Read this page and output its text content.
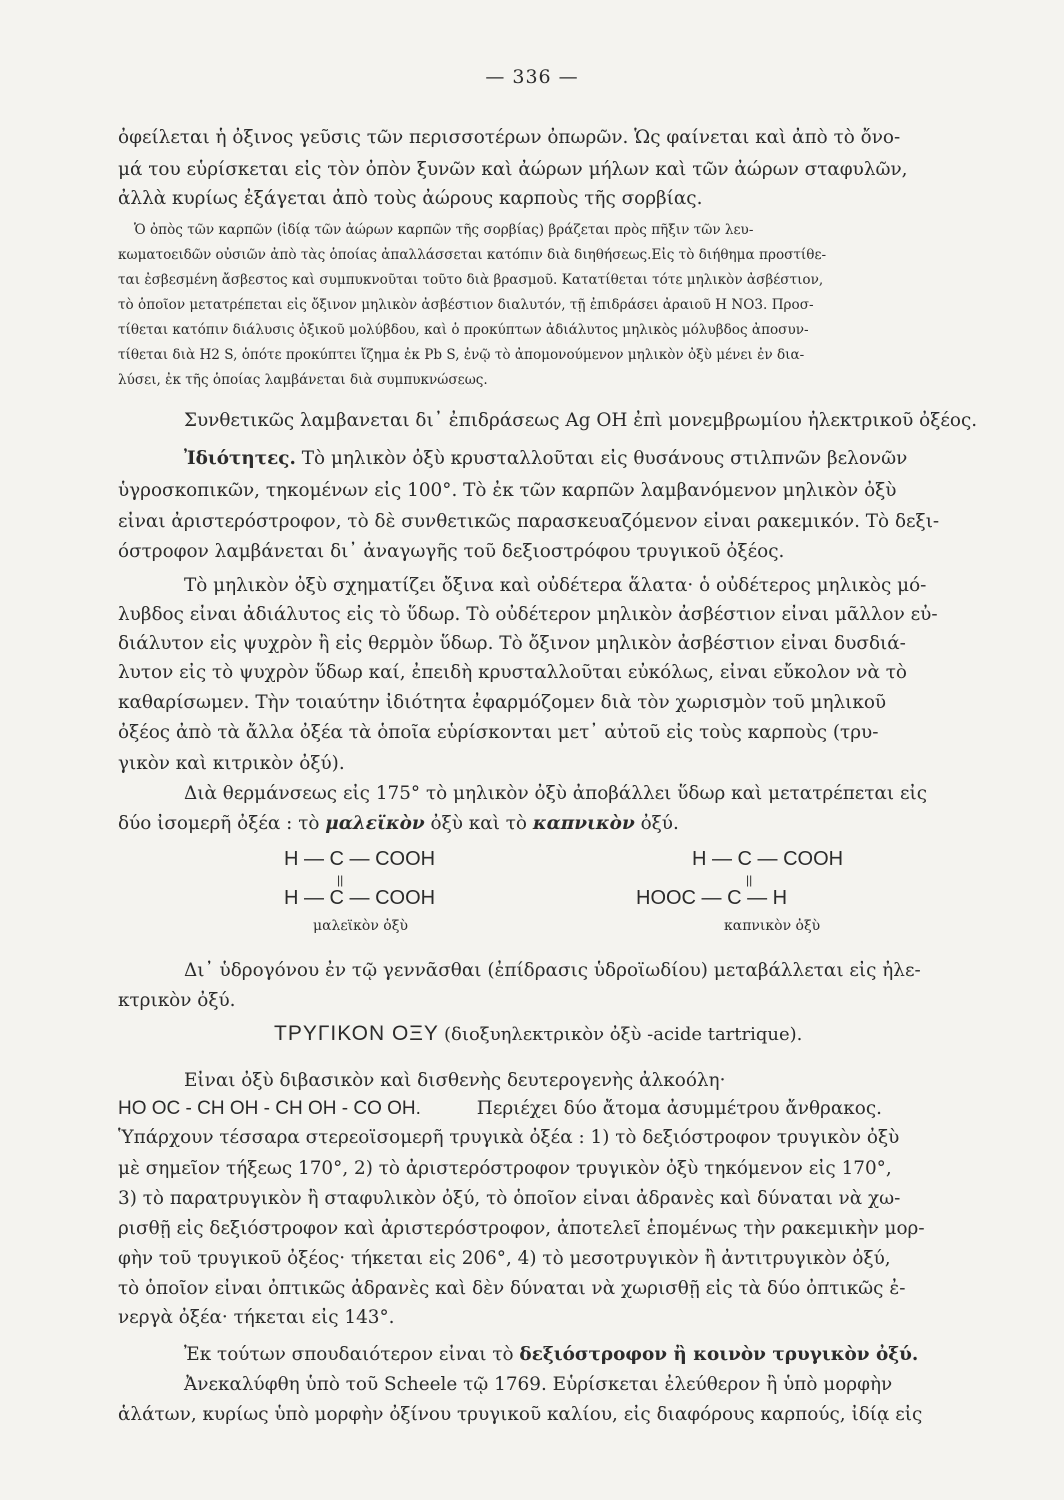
— 336 —
ὀφείλεται ἡ ὀξινος γεῦσις τῶν περισσοτέρων ὀπωρῶν. Ὡς φαίνεται καὶ ἀπὸ τὸ ὄνο-
μά του εὑρίσκεται εἰς τὸν ὀπὸν ξυνῶν καὶ ἀώρων μήλων καὶ τῶν ἀώρων σταφυλῶν,
ἀλλὰ κυρίως ἐξάγεται ἀπὸ τοὺς ἀώρους καρποὺς τῆς σορβίας.
Ὁ ὀπὸς τῶν καρπῶν (ἰδίᾳ τῶν ἀώρων καρπῶν τῆς σορβίας) βράζεται πρὸς πῆξιν τῶν λευ-
κωματοειδῶν οὐσιῶν ἀπὸ τὰς ὁποίας ἀπαλλάσσεται κατόπιν διὰ διηθήσεως.Εἰς τὸ διήθημα προστίθε-
ται ἐσβεσμένη ἄσβεστος καὶ συμπυκνοῦται τοῦτο διὰ βρασμοῦ. Κατατίθεται τότε μηλικὸν ἀσβέστιον,
τὸ ὁποῖον μετατρέπεται εἰς ὄξινον μηλικὸν ἀσβέστιον διαλυτόν, τῇ ἐπιδράσει ἀραιοῦ H NO3. Προσ-
τίθεται κατόπιν διάλυσις ὀξικοῦ μολύβδου, καὶ ὁ προκύπτων ἀδιάλυτος μηλικὸς μόλυβδος ἀποσυν-
τίθεται διὰ H2 S, ὁπότε προκύπτει ἴζημα ἐκ Pb S, ἐνῷ τὸ ἀπομονούμενον μηλικὸν ὀξὺ μένει ἐν δια-
λύσει, ἐκ τῆς ὁποίας λαμβάνεται διὰ συμπυκνώσεως.
Συνθετικῶς λαμβανεται δι᾽ ἐπιδράσεως Ag OH ἐπὶ μονεμβρωμίου ἠλεκτρικοῦ ὀξέος.
Ἰδιότητες. Τὸ μηλικὸν ὀξὺ κρυσταλλοῦται εἰς θυσάνους στιλπνῶν βελονῶν
ὑγροσκοπικῶν, τηκομένων εἰς 100°. Τὸ ἐκ τῶν καρπῶν λαμβανόμενον μηλικὸν ὀξὺ
εἶναι ἀριστερόστροφον, τὸ δὲ συνθετικῶς παρασκευαζόμενον εἶναι ρακεμικόν. Τὸ δεξι-
όστροφον λαμβάνεται δι᾽ ἀναγωγῆς τοῦ δεξιοστρόφου τρυγικοῦ ὀξέος.
Τὸ μηλικὸν ὀξὺ σχηματίζει ὄξινα καὶ οὐδέτερα ἅλατα· ὁ οὐδέτερος μηλικὸς μό-
λυβδος εἶναι ἀδιάλυτος εἰς τὸ ὕδωρ. Τὸ οὐδέτερον μηλικὸν ἀσβέστιον εἶναι μᾶλλον εὐ-
διάλυτον εἰς ψυχρὸν ἢ εἰς θερμὸν ὕδωρ. Τὸ ὄξινον μηλικὸν ἀσβέστιον εἶναι δυσδιά-
λυτον εἰς τὸ ψυχρὸν ὕδωρ καί, ἐπειδὴ κρυσταλλοῦται εὐκόλως, εἶναι εὔκολον νὰ τὸ
καθαρίσωμεν. Τὴν τοιαύτην ἰδιότητα ἐφαρμόζομεν διὰ τὸν χωρισμὸν τοῦ μηλικοῦ
ὀξέος ἀπὸ τὰ ἄλλα ὀξέα τὰ ὁποῖα εὑρίσκονται μετ᾽ αὐτοῦ εἰς τοὺς καρποὺς (τρυ-
γικὸν καὶ κιτρικὸν ὀξύ).
Διὰ θερμάνσεως εἰς 175° τὸ μηλικὸν ὀξὺ ἀποβάλλει ὕδωρ καὶ μετατρέπεται εἰς
δύο ἰσομερῆ ὀξέα : τὸ μαλεϊκὸν ὀξὺ καὶ τὸ καπνικὸν ὀξύ.
H — C — COOH
||
H — C — COOH
μαλεϊκὸν ὀξὺ
H — C — COOH
||
HOOC — C — H
καπνικὸν ὀξὺ
Δι᾽ ὑδρογόνου ἐν τῷ γεννᾶσθαι (ἐπίδρασις ὑδροϊωδίου) μεταβάλλεται εἰς ἠλε-
κτρικὸν ὀξύ.
ΤΡΥΓΙΚΟΝ ΟΞΥ (διοξυηλεκτρικὸν ὀξὺ -acide tartrique).
Εἶναι ὀξὺ διβασικὸν καὶ δισθενὴς δευτερογενὴς ἀλκοόλη·
HO OC - CH OH - CH OH - CO OH.	Περιέχει δύο ἄτομα ἀσυμμέτρου ἄνθρακος.
Ὑπάρχουν τέσσαρα στερεοϊσομερῆ τρυγικὰ ὀξέα : 1) τὸ δεξιόστροφον τρυγικὸν ὀξὺ
μὲ σημεῖον τήξεως 170°, 2) τὸ ἀριστερόστροφον τρυγικὸν ὀξὺ τηκόμενον εἰς 170°,
3) τὸ παρατρυγικὸν ἢ σταφυλικὸν ὀξύ, τὸ ὁποῖον εἶναι ἀδρανὲς καὶ δύναται νὰ χω-
ρισθῇ εἰς δεξιόστροφον καὶ ἀριστερόστροφον, ἀποτελεῖ ἑπομένως τὴν ρακεμικὴν μορ-
φὴν τοῦ τρυγικοῦ ὀξέος· τήκεται εἰς 206°, 4) τὸ μεσοτρυγικὸν ἢ ἀντιτρυγικὸν ὀξύ,
τὸ ὁποῖον εἶναι ὀπτικῶς ἀδρανὲς καὶ δὲν δύναται νὰ χωρισθῇ εἰς τὰ δύο ὀπτικῶς ἐ-
νεργὰ ὀξέα· τήκεται εἰς 143°.
Ἐκ τούτων σπουδαιότερον εἶναι τὸ δεξιόστροφον ἢ κοινὸν τρυγικὸν ὀξύ.
Ἀνεκαλύφθη ὑπὸ τοῦ Scheele τῷ 1769. Εὑρίσκεται ἐλεύθερον ἢ ὑπὸ μορφὴν
ἁλάτων, κυρίως ὑπὸ μορφὴν ὀξίνου τρυγικοῦ καλίου, εἰς διαφόρους καρπούς, ἰδίᾳ εἰς
